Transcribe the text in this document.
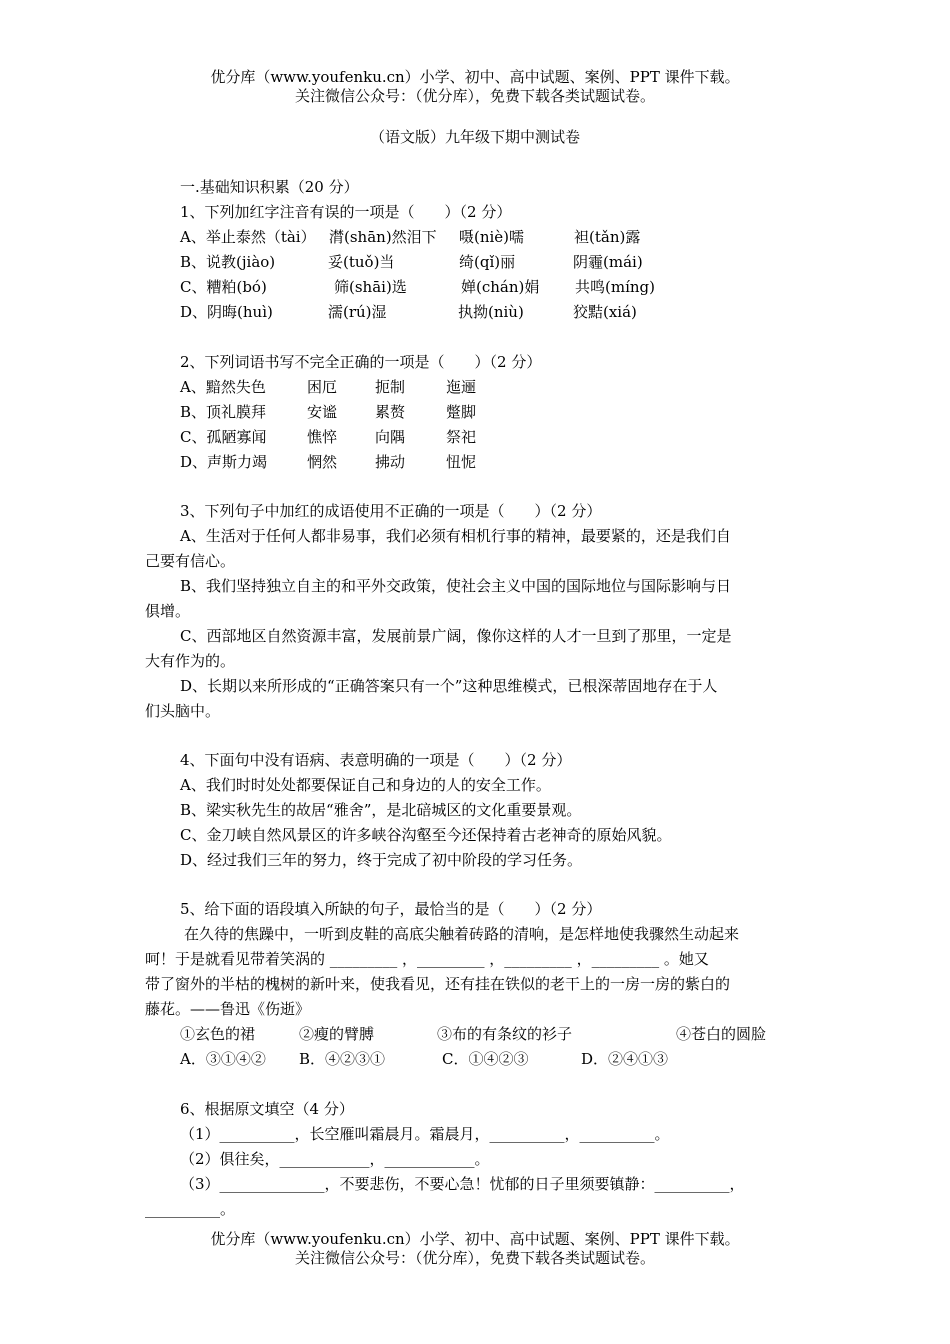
优分库（www.youfenku.cn）小学、初中、高中试题、案例、PPT 课件下载。
关注微信公众号：（优分库），免费下载各类试题试卷。
（语文版）九年级下期中测试卷
一.基础知识积累（20 分）
1、下列加红字注音有误的一项是（　　）（2 分）
A、举止泰然（tài） 潸(shān)然泪下 嗫(niè)嚅	袒(tǎn)露
B、说教(jiào)	妥(tuǒ)当	绮(qǐ)丽	阴霾(mái)
C、糟粕(bó)	筛(shāi)选	婵(chán)娟 共鸣(míng)
D、阴晦(huì)	濡(rú)湿	执拗(niù)	狡黠(xiá)
2、下列词语书写不完全正确的一项是（　　）（2 分）
A、黯然失色	困厄	扼制	迤逦
B、顶礼膜拜	安谧	累赘	蹩脚
C、孤陋寡闻	憔悴	向隅	祭祀
D、声斯力竭	惘然	拂动	忸怩
3、下列句子中加红的成语使用不正确的一项是（　　）（2 分）
A、生活对于任何人都非易事，我们必须有相机行事的精神，最要紧的，还是我们自
己要有信心。
B、我们坚持独立自主的和平外交政策，使社会主义中国的国际地位与国际影响与日
俱增。
C、西部地区自然资源丰富，发展前景广阔，像你这样的人才一旦到了那里，一定是
大有作为的。
D、长期以来所形成的“正确答案只有一个”这种思维模式，已根深蒂固地存在于人
们头脑中。
4、下面句中没有语病、表意明确的一项是（　　）（2 分）
A、我们时时处处都要保证自己和身边的人的安全工作。
B、梁实秋先生的故居“雅舍”，是北碚城区的文化重要景观。
C、金刀峡自然风景区的许多峡谷沟壑至今还保持着古老神奇的原始风貌。
D、经过我们三年的努力，终于完成了初中阶段的学习任务。
5、给下面的语段填入所缺的句子，最恰当的是（　　）（2 分）
在久待的焦躁中，一听到皮鞋的高底尖触着砖路的清响，是怎样地使我骤然生动起来
呵！于是就看见带着笑涡的 _________ ，_________ ，_________ ，_________ 。她又
带了窗外的半枯的槐树的新叶来，使我看见，还有挂在铁似的老干上的一房一房的紫白的
藤花。——鲁迅《伤逝》
①玄色的裙	②瘦的臂膊	③布的有条纹的衫子	④苍白的圆脸
A．③①④② B．④②③①	C．①④②③	D．②④①③
6、根据原文填空（4 分）
（1）__________，长空雁叫霜晨月。霜晨月，__________，__________。
（2）俱往矣，____________，____________。
（3）______________，不要悲伤，不要心急！忧郁的日子里须要镇静：__________，
__________。
优分库（www.youfenku.cn）小学、初中、高中试题、案例、PPT 课件下载。
关注微信公众号：（优分库），免费下载各类试题试卷。
